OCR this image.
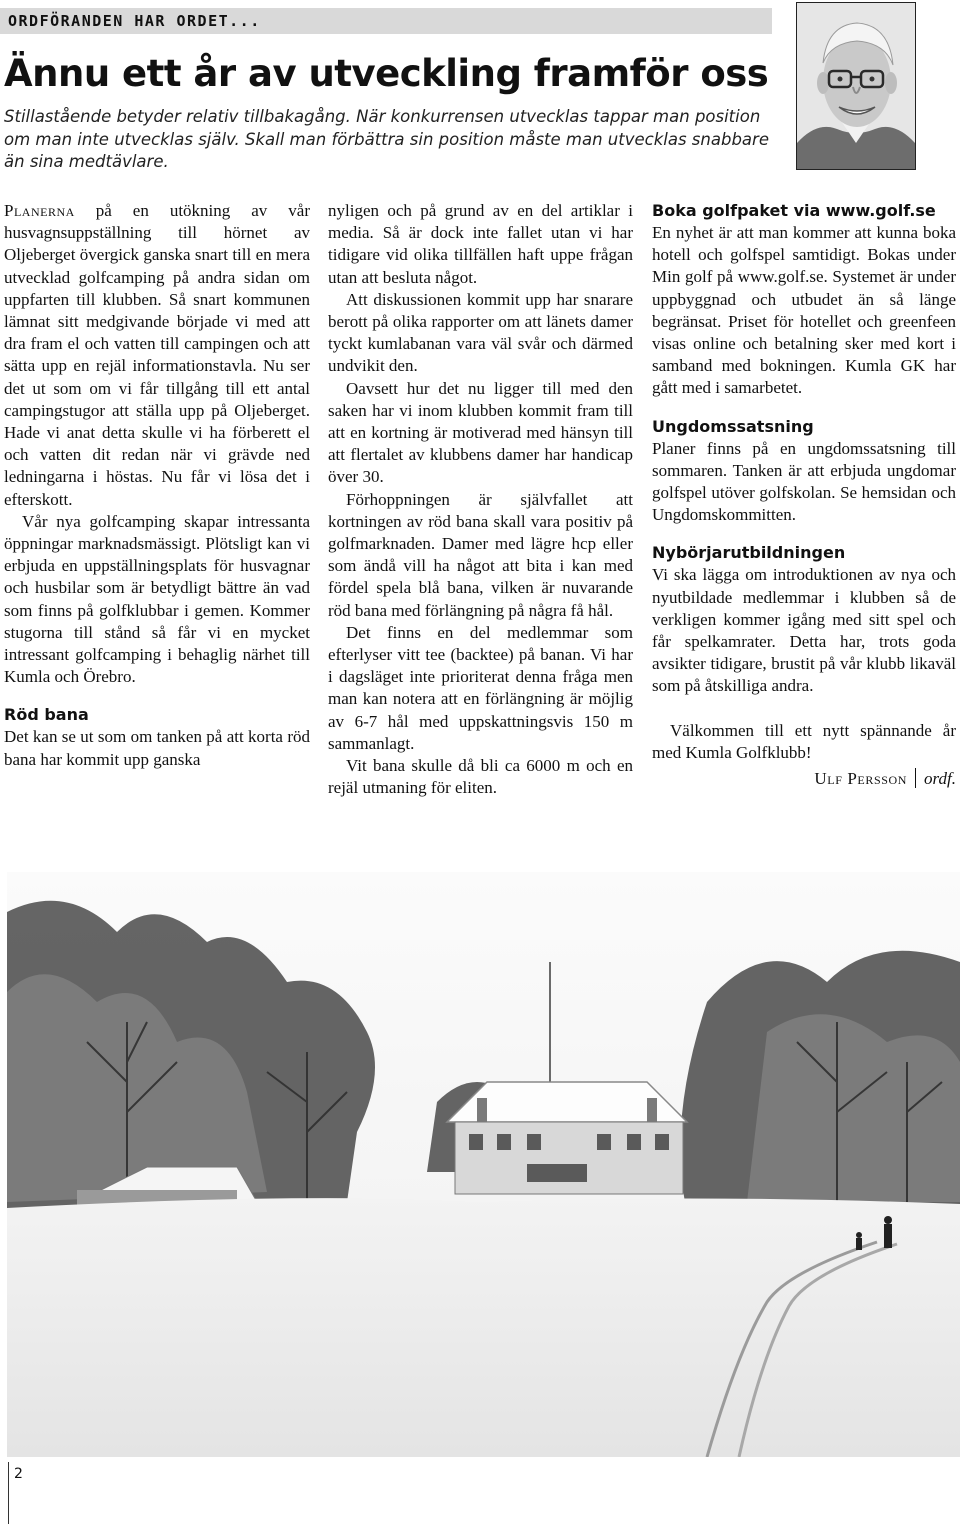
ORDFÖRANDEN HAR ORDET...
Ännu ett år av utveckling framför oss

Stillastående betyder relativ tillbakagång. När konkurrensen utvecklas tappar man position om man inte utvecklas själv. Skall man förbättra sin position måste man utvecklas snabbare än sina medtävlare.

Planerna på en utökning av vår husvagnsuppställning till hörnet av Oljeberget övergick ganska snart till en mera utvecklad golfcamping på andra sidan om uppfarten till klubben. Så snart kommunen lämnat sitt medgivande började vi med att dra fram el och vatten till campingen och att sätta upp en rejäl informationstavla. Nu ser det ut som om vi får tillgång till ett antal campingstugor att ställa upp på Oljeberget. Hade vi anat detta skulle vi ha förberett el och vatten dit redan när vi grävde ned ledningarna i höstas. Nu får vi lösa det i efterskott.

Vår nya golfcamping skapar intressanta öppningar marknadsmässigt. Plötsligt kan vi erbjuda en uppställningsplats för husvagnar och husbilar som är betydligt bättre än vad som finns på golfklubbar i gemen. Kommer stugorna till stånd så får vi en mycket intressant golfcamping i behaglig närhet till Kumla och Örebro.

Röd bana

Det kan se ut som om tanken på att korta röd bana har kommit upp ganska

nyligen och på grund av en del artiklar i media. Så är dock inte fallet utan vi har tidigare vid olika tillfällen haft uppe frågan utan att besluta något.

Att diskussionen kommit upp har snarare berott på olika rapporter om att länets damer tyckt kumlabanan vara väl svår och därmed undvikit den.

Oavsett hur det nu ligger till med den saken har vi inom klubben kommit fram till att en kortning är motiverad med hänsyn till att flertalet av klubbens damer har handicap över 30.

Förhoppningen är självfallet att kortningen av röd bana skall vara positiv på golfmarknaden. Damer med lägre hcp eller som ändå vill ha något att bita i kan med fördel spela blå bana, vilken är nuvarande röd bana med förlängning på några få hål.

Det finns en del medlemmar som efterlyser vitt tee (backtee) på banan. Vi har i dagsläget inte prioriterat denna fråga men man kan notera att en förlängning är möjlig av 6-7 hål med uppskattningsvis 150 m sammanlagt.

Vit bana skulle då bli ca 6000 m och en rejäl utmaning för eliten.

Boka golfpaket via www.golf.se

En nyhet är att man kommer att kunna boka hotell och golfspel samtidigt. Bokas under Min golf på www.golf.se. Systemet är under uppbyggnad och utbudet än så länge begränsat. Priset för hotellet och greenfeen visas online och betalning sker med kort i samband med bokningen. Kumla GK har gått med i samarbetet.

Ungdomssatsning

Planer finns på en ungdomssatsning till sommaren. Tanken är att erbjuda ungdomar golfspel utöver golfskolan. Se hemsidan och Ungdomskommitten.

Nybörjarutbildningen

Vi ska lägga om introduktionen av nya och nyutbildade medlemmar i klubben så de verkligen kommer igång med sitt spel och får spelkamrater. Detta har, trots goda avsikter tidigare, brustit på vår klubb likaväl som på åtskilliga andra.

Välkommen till ett nytt spännande år med Kumla Golfklubb!

Ulf Persson ordf.
2
